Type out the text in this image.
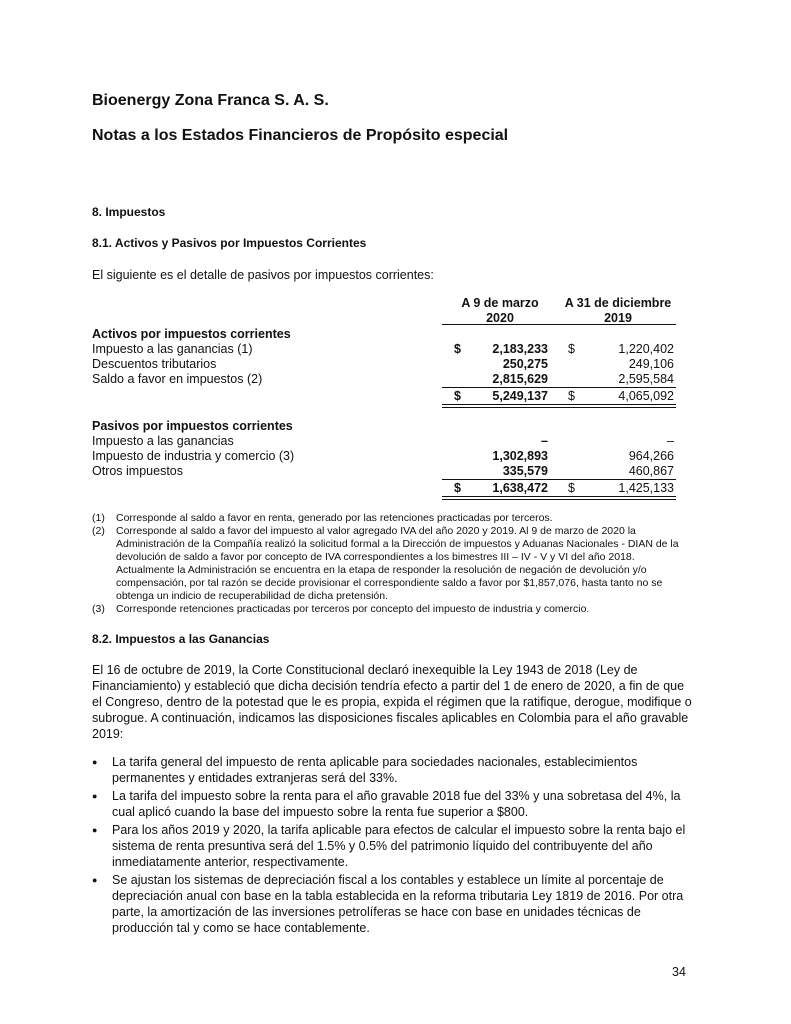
Bioenergy Zona Franca S. A. S.
Notas a los Estados Financieros de Propósito especial
8. Impuestos
8.1. Activos y Pasivos por Impuestos Corrientes
El siguiente es el detalle de pasivos por impuestos corrientes:
A 9 de marzo
2020
A 31 de diciembre
2019
Activos por impuestos corrientes
Impuesto a las ganancias (1)	$	2,183,233 $	1,220,402
Descuentos tributarios	250,275	249,106
Saldo a favor en impuestos (2)	2,815,629	2,595,584
$	5,249,137 $	4,065,092
Pasivos por impuestos corrientes
Impuesto a las ganancias	–	–
Impuesto de industria y comercio (3)	1,302,893	964,266
Otros impuestos	335,579	460,867
$	1,638,472 $	1,425,133
(1)	Corresponde al saldo a favor en renta, generado por las retenciones practicadas por terceros.
(2)	Corresponde al saldo a favor del impuesto al valor agregado IVA del año 2020 y 2019. Al 9 de marzo de 2020 la Administración de la Compañía realizó la solicitud formal a la Dirección de impuestos y Aduanas Nacionales - DIAN de la devolución de saldo a favor por concepto de IVA correspondientes a los bimestres III – IV - V y VI del año 2018. Actualmente la Administración se encuentra en la etapa de responder la resolución de negación de devolución y/o compensación, por tal razón se decide provisionar el correspondiente saldo a favor por $1,857,076, hasta tanto no se obtenga un indicio de recuperabilidad de dicha pretensión.
(3)	Corresponde retenciones practicadas por terceros por concepto del impuesto de industria y comercio.
8.2. Impuestos a las Ganancias
El 16 de octubre de 2019, la Corte Constitucional declaró inexequible la Ley 1943 de 2018 (Ley de Financiamiento) y estableció que dicha decisión tendría efecto a partir del 1 de enero de 2020, a fin de que el Congreso, dentro de la potestad que le es propia, expida el régimen que la ratifique, derogue, modifique o subrogue. A continuación, indicamos las disposiciones fiscales aplicables en Colombia para el año gravable 2019:
●	La tarifa general del impuesto de renta aplicable para sociedades nacionales, establecimientos permanentes y entidades extranjeras será del 33%.
●	La tarifa del impuesto sobre la renta para el año gravable 2018 fue del 33% y una sobretasa del 4%, la cual aplicó cuando la base del impuesto sobre la renta fue superior a $800.
●	Para los años 2019 y 2020, la tarifa aplicable para efectos de calcular el impuesto sobre la renta bajo el sistema de renta presuntiva será del 1.5% y 0.5% del patrimonio líquido del contribuyente del año inmediatamente anterior, respectivamente.
●	Se ajustan los sistemas de depreciación fiscal a los contables y establece un límite al porcentaje de depreciación anual con base en la tabla establecida en la reforma tributaria Ley 1819 de 2016. Por otra parte, la amortización de las inversiones petrolíferas se hace con base en unidades técnicas de producción tal y como se hace contablemente.
34
